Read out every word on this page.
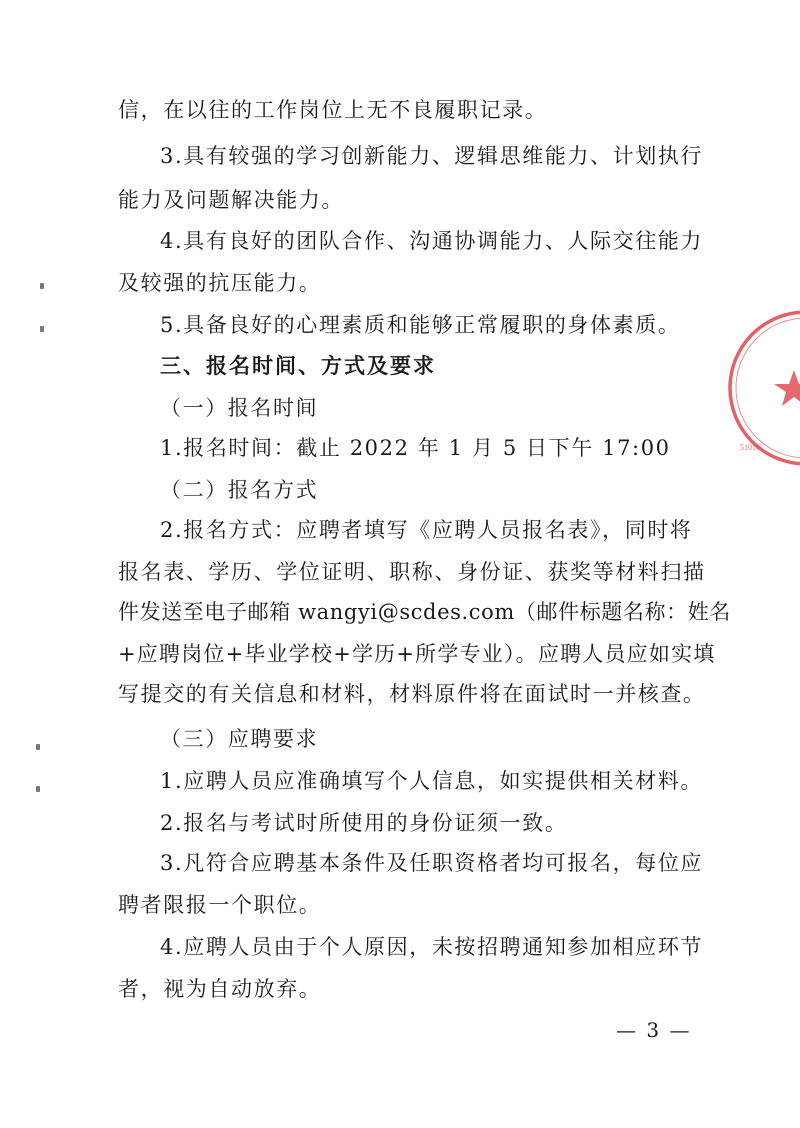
信，在以往的工作岗位上无不良履职记录。
3.具有较强的学习创新能力、逻辑思维能力、计划执行
能力及问题解决能力。
4.具有良好的团队合作、沟通协调能力、人际交往能力
及较强的抗压能力。
5.具备良好的心理素质和能够正常履职的身体素质。
三、报名时间、方式及要求
（一）报名时间
1.报名时间：截止 2022 年 1 月 5 日下午 17:00
（二）报名方式
2.报名方式：应聘者填写《应聘人员报名表》，同时将
报名表、学历、学位证明、职称、身份证、获奖等材料扫描
件发送至电子邮箱 wangyi@scdes.com（邮件标题名称：姓名
+应聘岗位+毕业学校+学历+所学专业）。应聘人员应如实填
写提交的有关信息和材料，材料原件将在面试时一并核查。
（三）应聘要求
1.应聘人员应准确填写个人信息，如实提供相关材料。
2.报名与考试时所使用的身份证须一致。
3.凡符合应聘基本条件及任职资格者均可报名，每位应
聘者限报一个职位。
4.应聘人员由于个人原因，未按招聘通知参加相应环节
者，视为自动放弃。
— 3 —
5101C
